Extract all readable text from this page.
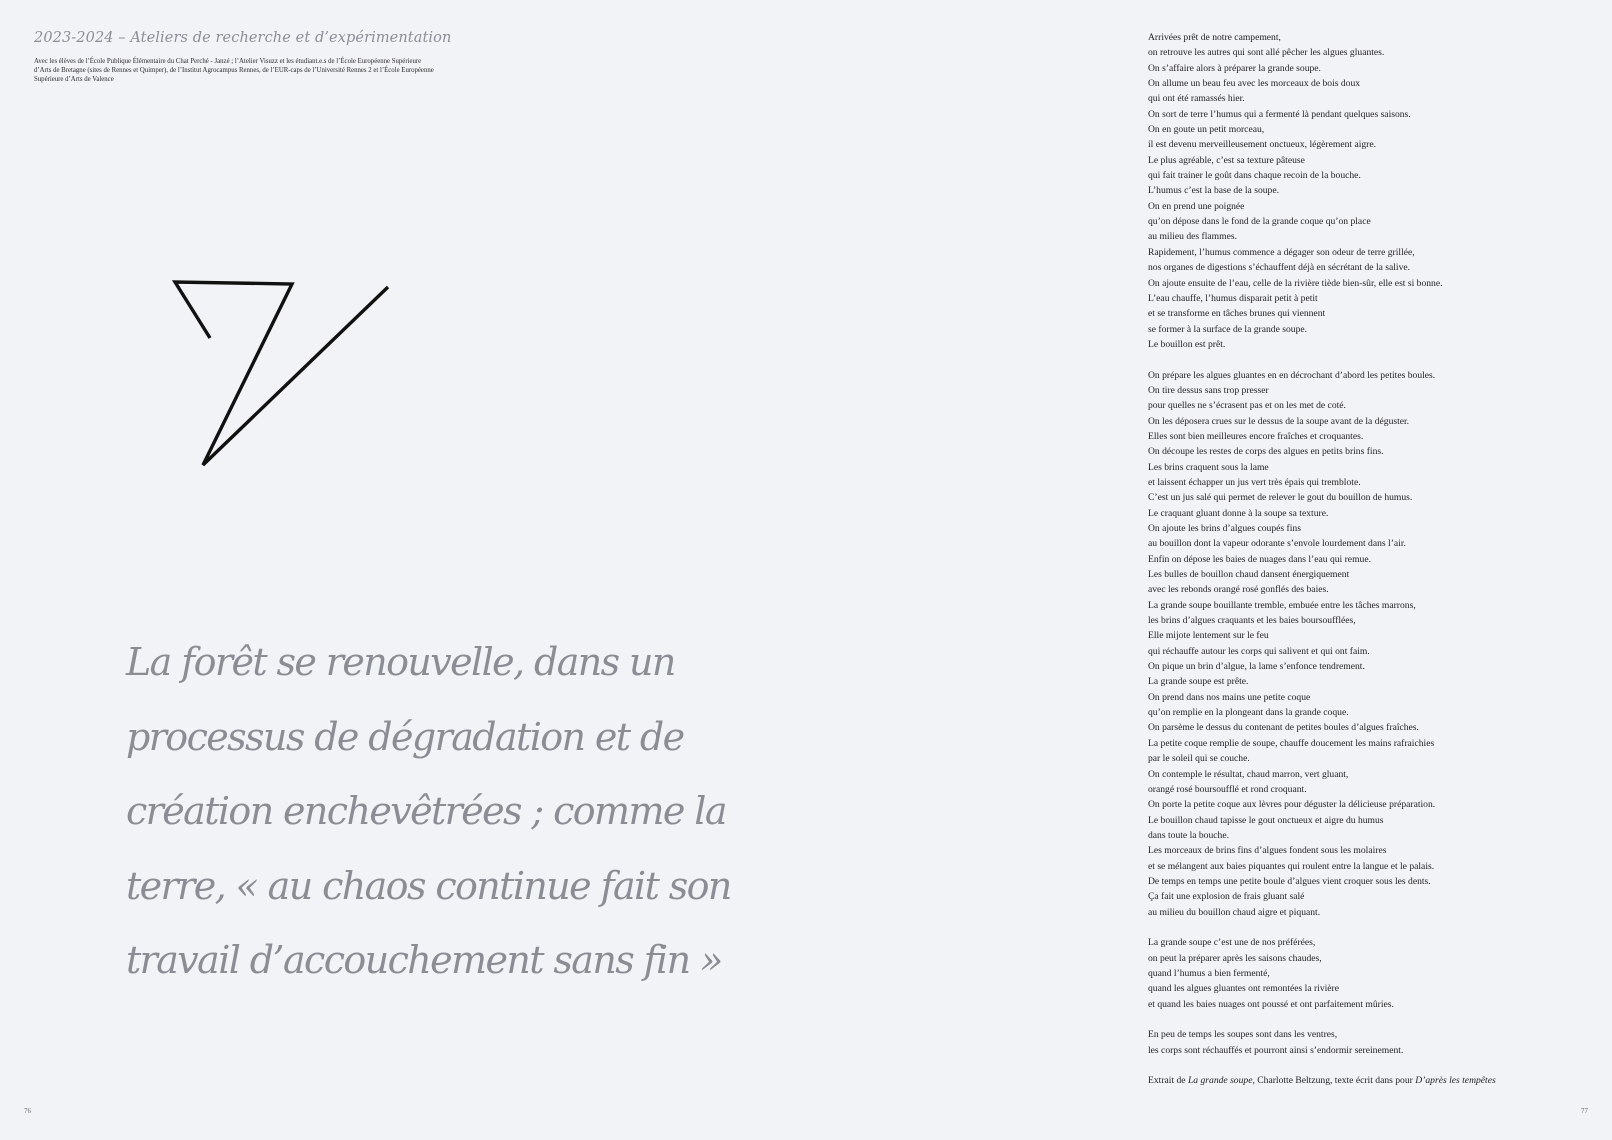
2023-2024 – Ateliers de recherche et d’expérimentation
Avec les élèves de l’École Publique Élémentaire du Chat Perché - Janzé ; l’Atelier Visuzz et les étudiant.e.s de l’École Européenne Supérieure d’Arts de Bretagne (sites de Rennes et Quimper), de l’Institut Agrocampus Rennes, de l’EUR-caps de l’Université Rennes 2 et l’École Européenne Supérieure d’Arts de Valence
La forêt se renouvelle, dans un
processus de dégradation et de
création enchevêtrées ; comme la
terre, « au chaos continue fait son
travail d’accouchement sans fin »
76
Arrivées prêt de notre campement,
on retrouve les autres qui sont allé pêcher les algues gluantes.
On s’affaire alors à préparer la grande soupe.
On allume un beau feu avec les morceaux de bois doux
qui ont été ramassés hier.
On sort de terre l’humus qui a fermenté là pendant quelques saisons.
On en goute un petit morceau,
il est devenu merveilleusement onctueux, légèrement aigre.
Le plus agréable, c’est sa texture pâteuse
qui fait trainer le goût dans chaque recoin de la bouche.
L’humus c’est la base de la soupe.
On en prend une poignée
qu’on dépose dans le fond de la grande coque qu’on place
au milieu des flammes.
Rapidement, l’humus commence a dégager son odeur de terre grillée,
nos organes de digestions s’échauffent déjà en sécrétant de la salive.
On ajoute ensuite de l’eau, celle de la rivière tiède bien-sûr, elle est si bonne.
L’eau chauffe, l’humus disparait petit à petit
et se transforme en tâches brunes qui viennent
se former à la surface de la grande soupe.
Le bouillon est prêt.
On prépare les algues gluantes en en décrochant d’abord les petites boules.
On tire dessus sans trop presser
pour quelles ne s’écrasent pas et on les met de coté.
On les déposera crues sur le dessus de la soupe avant de la déguster.
Elles sont bien meilleures encore fraîches et croquantes.
On découpe les restes de corps des algues en petits brins fins.
Les brins craquent sous la lame
et laissent échapper un jus vert très épais qui tremblote.
C’est un jus salé qui permet de relever le gout du bouillon de humus.
Le craquant gluant donne à la soupe sa texture.
On ajoute les brins d’algues coupés fins
au bouillon dont la vapeur odorante s’envole lourdement dans l’air.
Enfin on dépose les baies de nuages dans l’eau qui remue.
Les bulles de bouillon chaud dansent énergiquement
avec les rebonds orangé rosé gonflés des baies.
La grande soupe bouillante tremble, embuée entre les tâches marrons,
les brins d’algues craquants et les baies boursoufflées,
Elle mijote lentement sur le feu
qui réchauffe autour les corps qui salivent et qui ont faim.
On pique un brin d’algue, la lame s’enfonce tendrement.
La grande soupe est prête.
On prend dans nos mains une petite coque
qu’on remplie en la plongeant dans la grande coque.
On parsème le dessus du contenant de petites boules d’algues fraîches.
La petite coque remplie de soupe, chauffe doucement les mains rafraichies
par le soleil qui se couche.
On contemple le résultat, chaud marron, vert gluant,
orangé rosé boursoufflé et rond croquant.
On porte la petite coque aux lèvres pour déguster la délicieuse préparation.
Le bouillon chaud tapisse le gout onctueux et aigre du humus
dans toute la bouche.
Les morceaux de brins fins d’algues fondent sous les molaires
et se mélangent aux baies piquantes qui roulent entre la langue et le palais.
De temps en temps une petite boule d’algues vient croquer sous les dents.
Ça fait une explosion de frais gluant salé
au milieu du bouillon chaud aigre et piquant.
La grande soupe c’est une de nos préférées,
on peut la préparer après les saisons chaudes,
quand l’humus a bien fermenté,
quand les algues gluantes ont remontées la rivière
et quand les baies nuages ont poussé et ont parfaitement mûries.
En peu de temps les soupes sont dans les ventres,
les corps sont réchauffés et pourront ainsi s’endormir sereinement.
Extrait de La grande soupe, Charlotte Beltzung, texte écrit dans pour D’après les tempêtes
77
